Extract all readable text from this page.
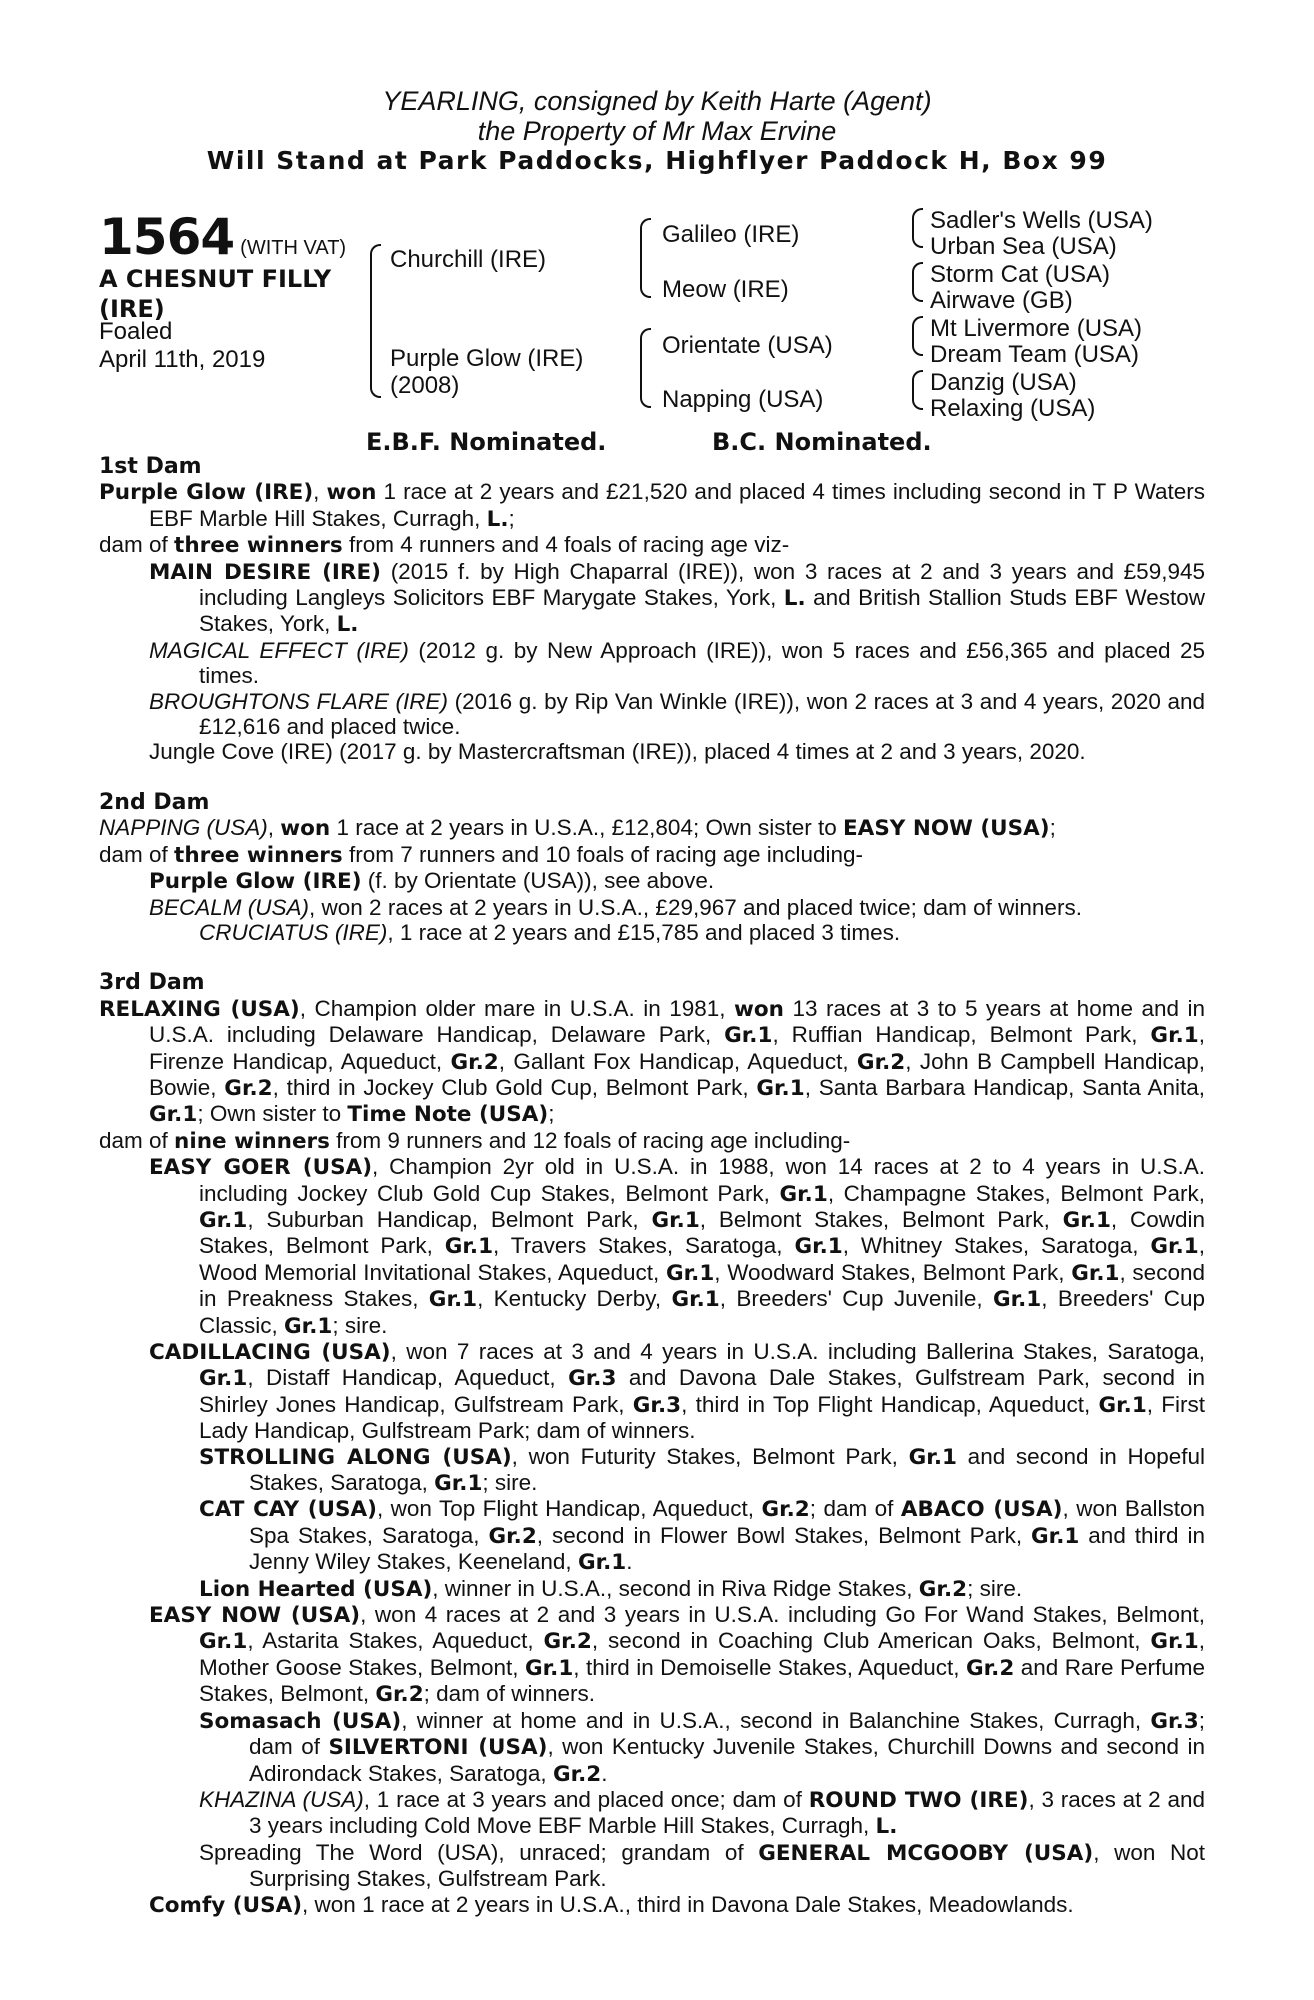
YEARLING, consigned by Keith Harte (Agent)
the Property of Mr Max Ervine
Will Stand at Park Paddocks, Highflyer Paddock H, Box 99
1564 (WITH VAT)
A CHESNUT FILLY
(IRE)
Foaled
April 11th, 2019
Churchill (IRE)
Purple Glow (IRE)
(2008)
Galileo (IRE)
Meow (IRE)
Orientate (USA)
Napping (USA)
Sadler's Wells (USA)
Urban Sea (USA)
Storm Cat (USA)
Airwave (GB)
Mt Livermore (USA)
Dream Team (USA)
Danzig (USA)
Relaxing (USA)
E.B.F. Nominated.	B.C. Nominated.
1st Dam
Purple Glow (IRE), won 1 race at 2 years and £21,520 and placed 4 times including second in T P Waters EBF Marble Hill Stakes, Curragh, L.;
dam of three winners from 4 runners and 4 foals of racing age viz-
MAIN DESIRE (IRE) (2015 f. by High Chaparral (IRE)), won 3 races at 2 and 3 years and £59,945 including Langleys Solicitors EBF Marygate Stakes, York, L. and British Stallion Studs EBF Westow Stakes, York, L.
MAGICAL EFFECT (IRE) (2012 g. by New Approach (IRE)), won 5 races and £56,365 and placed 25 times.
BROUGHTONS FLARE (IRE) (2016 g. by Rip Van Winkle (IRE)), won 2 races at 3 and 4 years, 2020 and £12,616 and placed twice.
Jungle Cove (IRE) (2017 g. by Mastercraftsman (IRE)), placed 4 times at 2 and 3 years, 2020.
2nd Dam
NAPPING (USA), won 1 race at 2 years in U.S.A., £12,804; Own sister to EASY NOW (USA);
dam of three winners from 7 runners and 10 foals of racing age including-
Purple Glow (IRE) (f. by Orientate (USA)), see above.
BECALM (USA), won 2 races at 2 years in U.S.A., £29,967 and placed twice; dam of winners.
CRUCIATUS (IRE), 1 race at 2 years and £15,785 and placed 3 times.
3rd Dam
RELAXING (USA), Champion older mare in U.S.A. in 1981, won 13 races at 3 to 5 years at home and in U.S.A. including Delaware Handicap, Delaware Park, Gr.1, Ruffian Handicap, Belmont Park, Gr.1, Firenze Handicap, Aqueduct, Gr.2, Gallant Fox Handicap, Aqueduct, Gr.2, John B Campbell Handicap, Bowie, Gr.2, third in Jockey Club Gold Cup, Belmont Park, Gr.1, Santa Barbara Handicap, Santa Anita, Gr.1; Own sister to Time Note (USA);
dam of nine winners from 9 runners and 12 foals of racing age including-
EASY GOER (USA), Champion 2yr old in U.S.A. in 1988, won 14 races at 2 to 4 years in U.S.A. including Jockey Club Gold Cup Stakes, Belmont Park, Gr.1, Champagne Stakes, Belmont Park, Gr.1, Suburban Handicap, Belmont Park, Gr.1, Belmont Stakes, Belmont Park, Gr.1, Cowdin Stakes, Belmont Park, Gr.1, Travers Stakes, Saratoga, Gr.1, Whitney Stakes, Saratoga, Gr.1, Wood Memorial Invitational Stakes, Aqueduct, Gr.1, Woodward Stakes, Belmont Park, Gr.1, second in Preakness Stakes, Gr.1, Kentucky Derby, Gr.1, Breeders' Cup Juvenile, Gr.1, Breeders' Cup Classic, Gr.1; sire.
CADILLACING (USA), won 7 races at 3 and 4 years in U.S.A. including Ballerina Stakes, Saratoga, Gr.1, Distaff Handicap, Aqueduct, Gr.3 and Davona Dale Stakes, Gulfstream Park, second in Shirley Jones Handicap, Gulfstream Park, Gr.3, third in Top Flight Handicap, Aqueduct, Gr.1, First Lady Handicap, Gulfstream Park; dam of winners.
STROLLING ALONG (USA), won Futurity Stakes, Belmont Park, Gr.1 and second in Hopeful Stakes, Saratoga, Gr.1; sire.
CAT CAY (USA), won Top Flight Handicap, Aqueduct, Gr.2; dam of ABACO (USA), won Ballston Spa Stakes, Saratoga, Gr.2, second in Flower Bowl Stakes, Belmont Park, Gr.1 and third in Jenny Wiley Stakes, Keeneland, Gr.1.
Lion Hearted (USA), winner in U.S.A., second in Riva Ridge Stakes, Gr.2; sire.
EASY NOW (USA), won 4 races at 2 and 3 years in U.S.A. including Go For Wand Stakes, Belmont, Gr.1, Astarita Stakes, Aqueduct, Gr.2, second in Coaching Club American Oaks, Belmont, Gr.1, Mother Goose Stakes, Belmont, Gr.1, third in Demoiselle Stakes, Aqueduct, Gr.2 and Rare Perfume Stakes, Belmont, Gr.2; dam of winners.
Somasach (USA), winner at home and in U.S.A., second in Balanchine Stakes, Curragh, Gr.3; dam of SILVERTONI (USA), won Kentucky Juvenile Stakes, Churchill Downs and second in Adirondack Stakes, Saratoga, Gr.2.
KHAZINA (USA), 1 race at 3 years and placed once; dam of ROUND TWO (IRE), 3 races at 2 and 3 years including Cold Move EBF Marble Hill Stakes, Curragh, L.
Spreading The Word (USA), unraced; grandam of GENERAL MCGOOBY (USA), won Not Surprising Stakes, Gulfstream Park.
Comfy (USA), won 1 race at 2 years in U.S.A., third in Davona Dale Stakes, Meadowlands.
